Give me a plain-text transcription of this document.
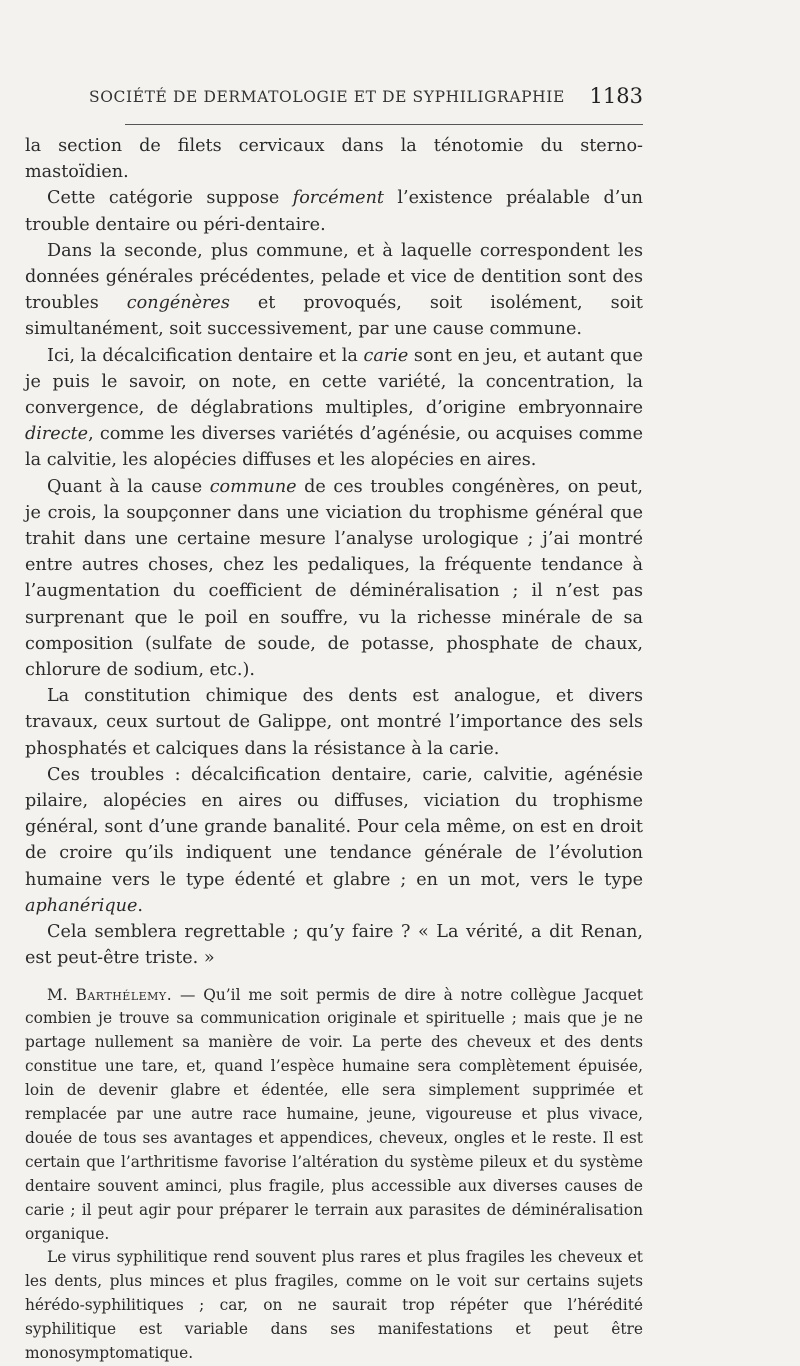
SOCIÉTÉ DE DERMATOLOGIE ET DE SYPHILIGRAPHIE 1183

la section de filets cervicaux dans la ténotomie du sterno-mastoïdien.

Cette catégorie suppose forcément l’existence préalable d’un trouble dentaire ou péri-dentaire.

Dans la seconde, plus commune, et à laquelle correspondent les données générales précédentes, pelade et vice de dentition sont des troubles congénères et provoqués, soit isolément, soit simultanément, soit successivement, par une cause commune.

Ici, la décalcification dentaire et la carie sont en jeu, et autant que je puis le savoir, on note, en cette variété, la concentration, la convergence, de déglabrations multiples, d’origine embryonnaire directe, comme les diverses variétés d’agénésie, ou acquises comme la calvitie, les alopécies diffuses et les alopécies en aires.

Quant à la cause commune de ces troubles congénères, on peut, je crois, la soupçonner dans une viciation du trophisme général que trahit dans une certaine mesure l’analyse urologique ; j’ai montré entre autres choses, chez les pedaliques, la fréquente tendance à l’augmentation du coefficient de déminéralisation ; il n’est pas surprenant que le poil en souffre, vu la richesse minérale de sa composition (sulfate de soude, de potasse, phosphate de chaux, chlorure de sodium, etc.).

La constitution chimique des dents est analogue, et divers travaux, ceux surtout de Galippe, ont montré l’importance des sels phosphatés et calciques dans la résistance à la carie.

Ces troubles : décalcification dentaire, carie, calvitie, agénésie pilaire, alopécies en aires ou diffuses, viciation du trophisme général, sont d’une grande banalité. Pour cela même, on est en droit de croire qu’ils indiquent une tendance générale de l’évolution humaine vers le type édenté et glabre ; en un mot, vers le type aphanérique.

Cela semblera regrettable ; qu’y faire ? « La vérité, a dit Renan, est peut-être triste. »

M. Barthélemy. — Qu’il me soit permis de dire à notre collègue Jacquet combien je trouve sa communication originale et spirituelle ; mais que je ne partage nullement sa manière de voir. La perte des cheveux et des dents constitue une tare, et, quand l’espèce humaine sera complètement épuisée, loin de devenir glabre et édentée, elle sera simplement supprimée et remplacée par une autre race humaine, jeune, vigoureuse et plus vivace, douée de tous ses avantages et appendices, cheveux, ongles et le reste. Il est certain que l’arthritisme favorise l’altération du système pileux et du système dentaire souvent aminci, plus fragile, plus accessible aux diverses causes de carie ; il peut agir pour préparer le terrain aux parasites de déminéralisation organique.

Le virus syphilitique rend souvent plus rares et plus fragiles les cheveux et les dents, plus minces et plus fragiles, comme on le voit sur certains sujets hérédo-syphilitiques ; car, on ne saurait trop répéter que l’hérédité syphilitique est variable dans ses manifestations et peut être monosymptomatique.
